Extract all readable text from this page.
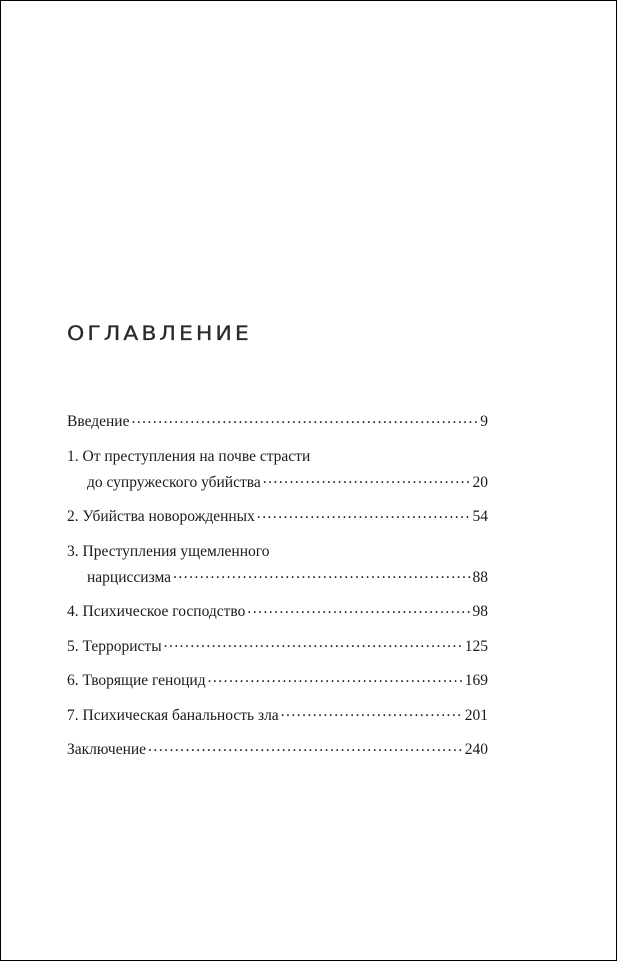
ОГЛАВЛЕНИЕ
Введение . . .	9
1. От преступления на почве страсти
до супружеского убийства . . .	20
2. Убийства новорожденных . . .	54
3. Преступления ущемленного
нарциссизма . . .	88
4. Психическое господство . . .	98
5. Террористы . . .	125
6. Творящие геноцид . . .	169
7. Психическая банальность зла . . .	201
Заключение . . .	240
